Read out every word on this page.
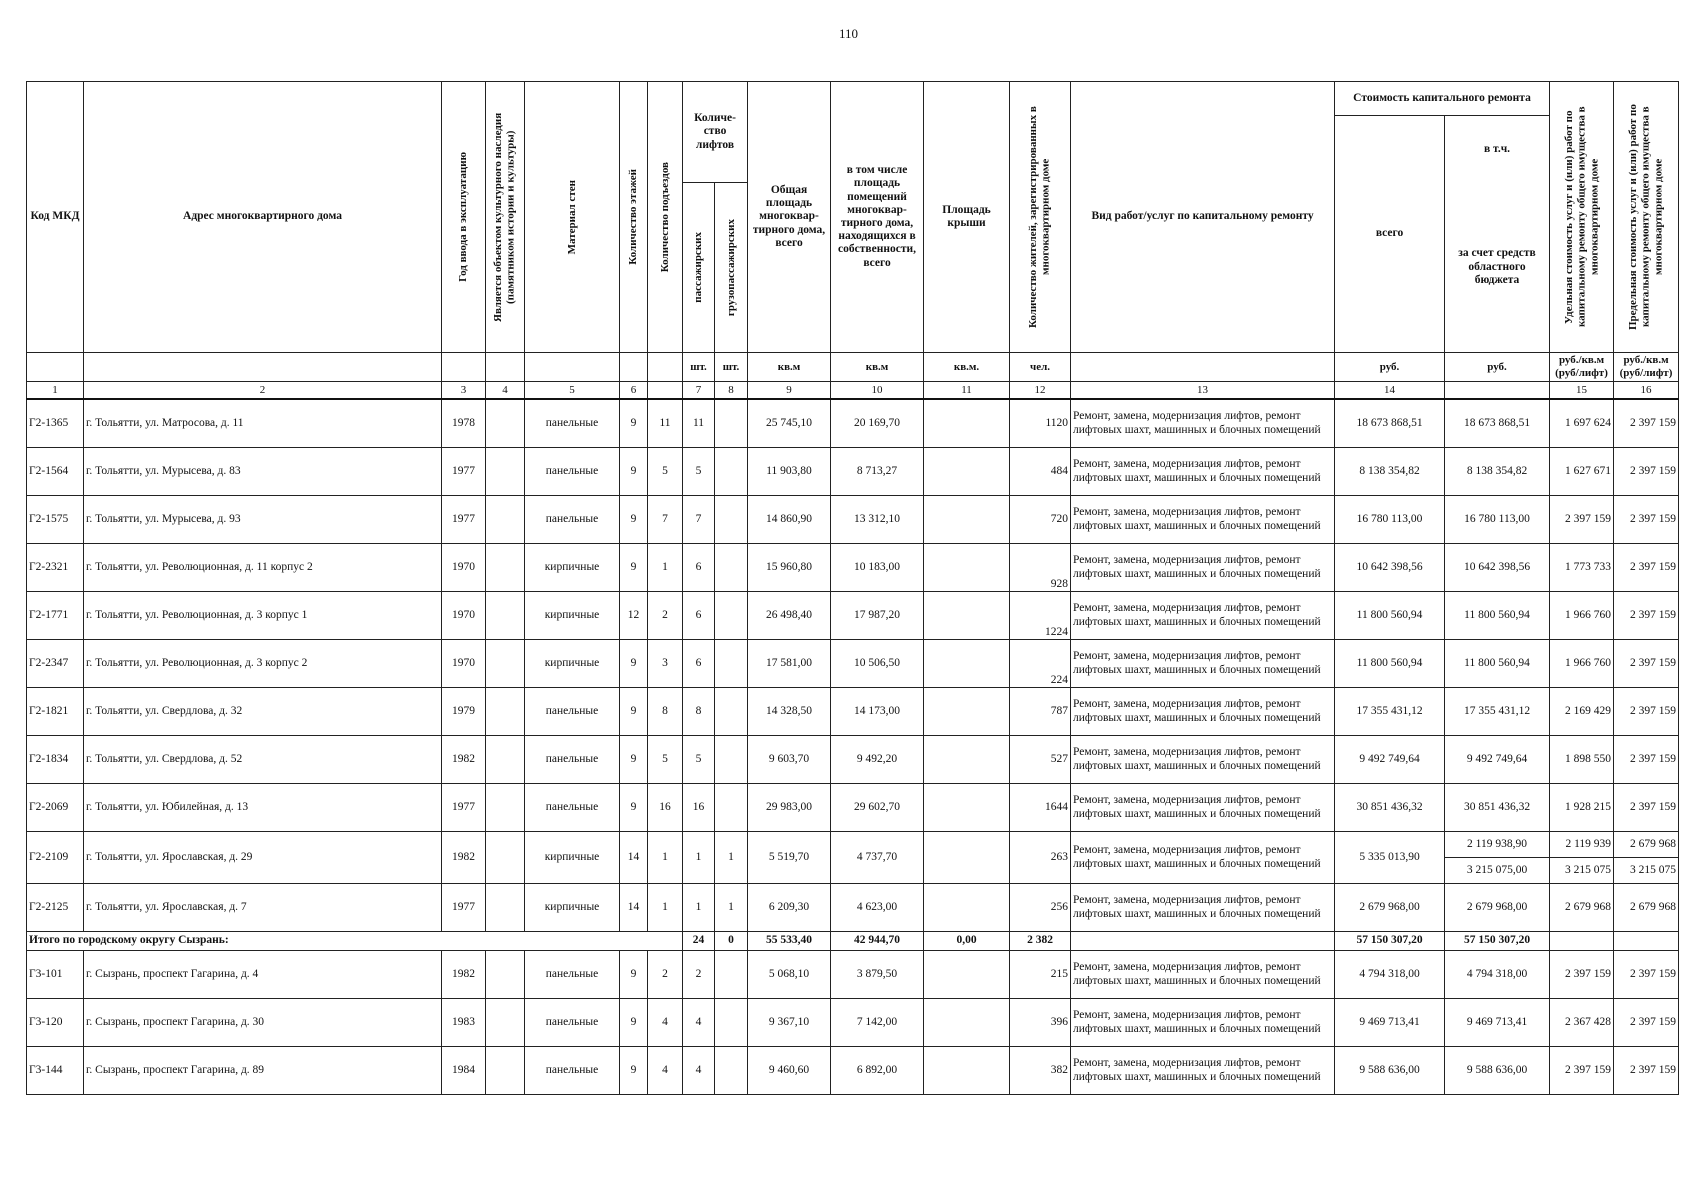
110
Код МКД	Адрес многоквартирного дома	Год ввода в эксплуатацию	Является объектом культурного наследия (памятником истории и культуры)	Материал стен	Количество этажей	Количество подъездов	Количе- ство лифтов		Общая площадь многоквар- тирного дома, всего	в том числе площадь помещений многоквар- тирного дома, находящихся в собственности, всего	Площадь крыши	Количество жителей, зарегистрированных в многоквартирном доме	Вид работ/услуг по капитальному ремонту	Стоимость капитального ремонта		Удельная стоимость услуг и (или) работ по капитальному ремонту общего имущества в многоквартирном доме	Предельная стоимость услуг и (или) работ по капитальному ремонту общего имущества в многоквартирном доме

														всего	в т.ч.		

							пассажирских	грузопассажирских							за счет средств областного бюджета		
							шт.	шт.	кв.м	кв.м	кв.м.	чел.		руб.	руб.	руб./кв.м (руб/лифт)	руб./кв.м (руб/лифт)
1	2	3	4	5	6		7	8	9	10	11	12	13	14		15	16
Г2-1365	г. Тольятти, ул. Матросова, д. 11	1978		панельные	9	11	11		25 745,10	20 169,70		1120	Ремонт, замена, модернизация лифтов, ремонт лифтовых шахт, машинных и блочных помещений	18 673 868,51	18 673 868,51	1 697 624	2 397 159
Г2-1564	г. Тольятти, ул. Мурысева, д. 83	1977		панельные	9	5	5		11 903,80	8 713,27		484	Ремонт, замена, модернизация лифтов, ремонт лифтовых шахт, машинных и блочных помещений	8 138 354,82	8 138 354,82	1 627 671	2 397 159
Г2-1575	г. Тольятти, ул. Мурысева, д. 93	1977		панельные	9	7	7		14 860,90	13 312,10		720	Ремонт, замена, модернизация лифтов, ремонт лифтовых шахт, машинных и блочных помещений	16 780 113,00	16 780 113,00	2 397 159	2 397 159
Г2-2321	г. Тольятти, ул. Революционная, д. 11 корпус 2	1970		кирпичные	9	1	6		15 960,80	10 183,00		928	Ремонт, замена, модернизация лифтов, ремонт лифтовых шахт, машинных и блочных помещений	10 642 398,56	10 642 398,56	1 773 733	2 397 159
Г2-1771	г. Тольятти, ул. Революционная, д. 3 корпус 1	1970		кирпичные	12	2	6		26 498,40	17 987,20		1224	Ремонт, замена, модернизация лифтов, ремонт лифтовых шахт, машинных и блочных помещений	11 800 560,94	11 800 560,94	1 966 760	2 397 159
Г2-2347	г. Тольятти, ул. Революционная, д. 3 корпус 2	1970		кирпичные	9	3	6		17 581,00	10 506,50		224	Ремонт, замена, модернизация лифтов, ремонт лифтовых шахт, машинных и блочных помещений	11 800 560,94	11 800 560,94	1 966 760	2 397 159
Г2-1821	г. Тольятти, ул. Свердлова, д. 32	1979		панельные	9	8	8		14 328,50	14 173,00		787	Ремонт, замена, модернизация лифтов, ремонт лифтовых шахт, машинных и блочных помещений	17 355 431,12	17 355 431,12	2 169 429	2 397 159
Г2-1834	г. Тольятти, ул. Свердлова, д. 52	1982		панельные	9	5	5		9 603,70	9 492,20		527	Ремонт, замена, модернизация лифтов, ремонт лифтовых шахт, машинных и блочных помещений	9 492 749,64	9 492 749,64	1 898 550	2 397 159
Г2-2069	г. Тольятти, ул. Юбилейная, д. 13	1977		панельные	9	16	16		29 983,00	29 602,70		1644	Ремонт, замена, модернизация лифтов, ремонт лифтовых шахт, машинных и блочных помещений	30 851 436,32	30 851 436,32	1 928 215	2 397 159
Г2-2109	г. Тольятти, ул. Ярославская, д. 29	1982		кирпичные	14	1	1	1	5 519,70	4 737,70		263	Ремонт, замена, модернизация лифтов, ремонт лифтовых шахт, машинных и блочных помещений	5 335 013,90	2 119 938,90	2 119 939	2 679 968
															3 215 075,00	3 215 075	3 215 075
Г2-2125	г. Тольятти, ул. Ярославская, д. 7	1977		кирпичные	14	1	1	1	6 209,30	4 623,00		256	Ремонт, замена, модернизация лифтов, ремонт лифтовых шахт, машинных и блочных помещений	2 679 968,00	2 679 968,00	2 679 968	2 679 968
Итого по городскому округу Сызрань:							24	0	55 533,40	42 944,70	0,00	2 382		57 150 307,20	57 150 307,20		
Г3-101	г. Сызрань, проспект Гагарина, д. 4	1982		панельные	9	2	2		5 068,10	3 879,50		215	Ремонт, замена, модернизация лифтов, ремонт лифтовых шахт, машинных и блочных помещений	4 794 318,00	4 794 318,00	2 397 159	2 397 159
Г3-120	г. Сызрань, проспект Гагарина, д. 30	1983		панельные	9	4	4		9 367,10	7 142,00		396	Ремонт, замена, модернизация лифтов, ремонт лифтовых шахт, машинных и блочных помещений	9 469 713,41	9 469 713,41	2 367 428	2 397 159
Г3-144	г. Сызрань, проспект Гагарина, д. 89	1984		панельные	9	4	4		9 460,60	6 892,00		382	Ремонт, замена, модернизация лифтов, ремонт лифтовых шахт, машинных и блочных помещений	9 588 636,00	9 588 636,00	2 397 159	2 397 159
